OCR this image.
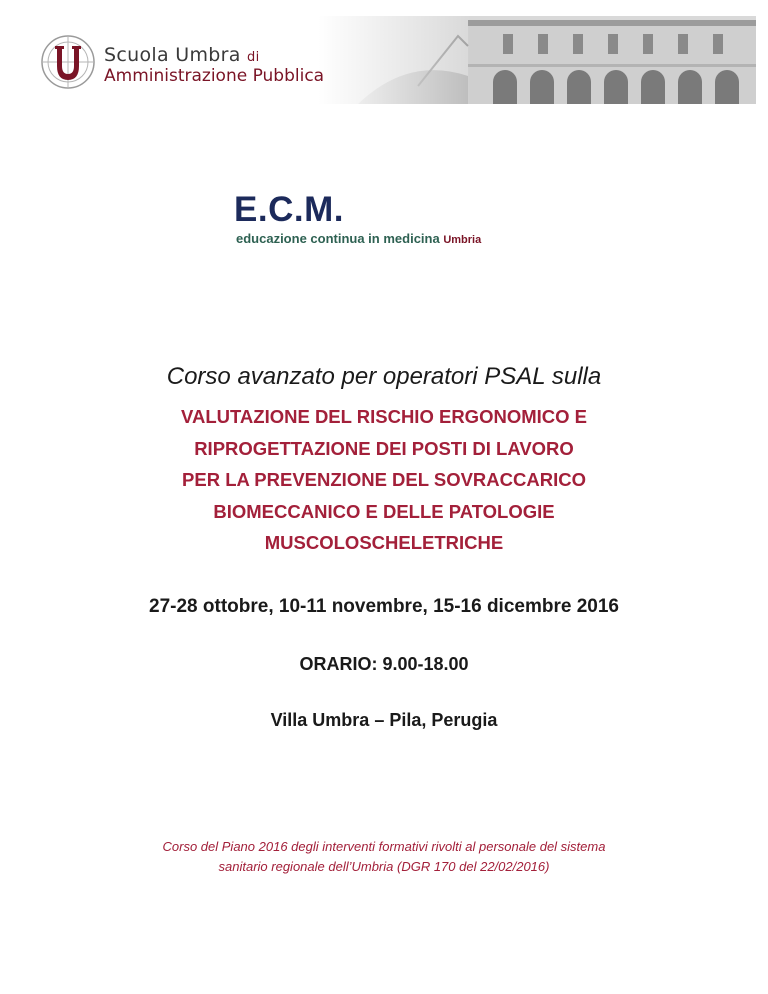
Scuola Umbra di
Amministrazione Pubblica
E.C.M.
educazione continua in medicina Umbria
Corso avanzato per operatori PSAL sulla
VALUTAZIONE DEL RISCHIO ERGONOMICO E
RIPROGETTAZIONE DEI POSTI DI LAVORO
PER LA PREVENZIONE DEL SOVRACCARICO
BIOMECCANICO E DELLE PATOLOGIE
MUSCOLOSCHELETRICHE
27-28 ottobre, 10-11 novembre, 15-16 dicembre 2016
ORARIO: 9.00-18.00
Villa Umbra – Pila, Perugia
Corso del Piano 2016 degli interventi formativi rivolti al personale del sistema
sanitario regionale dell’Umbria (DGR 170 del 22/02/2016)
